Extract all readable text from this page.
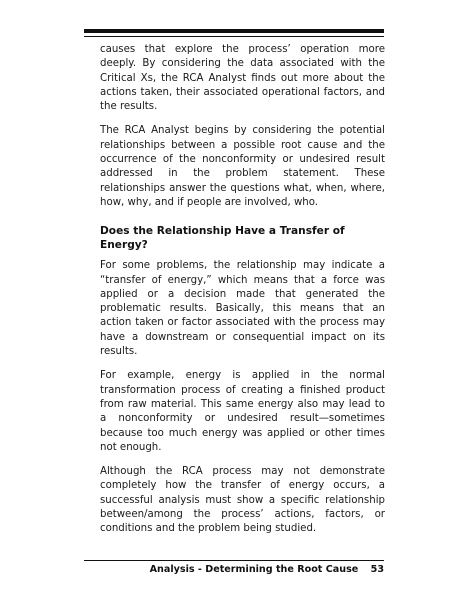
causes that explore the process’ operation more deeply. By considering the data associated with the Critical Xs, the RCA Analyst finds out more about the actions taken, their associated operational factors, and the results.

The RCA Analyst begins by considering the potential relationships between a possible root cause and the occurrence of the nonconformity or undesired result addressed in the problem statement. These relationships answer the questions what, when, where, how, why, and if people are involved, who.

Does the Relationship Have a Transfer of Energy?

For some problems, the relationship may indicate a “transfer of energy,” which means that a force was applied or a decision made that generated the problematic results. Basically, this means that an action taken or factor associated with the process may have a downstream or consequential impact on its results.

For example, energy is applied in the normal transformation process of creating a finished product from raw material. This same energy also may lead to a nonconformity or undesired result—sometimes because too much energy was applied or other times not enough.

Although the RCA process may not demonstrate completely how the transfer of energy occurs, a successful analysis must show a specific relationship between/among the process’ actions, factors, or conditions and the problem being studied.

Analysis - Determining the Root Cause 53
